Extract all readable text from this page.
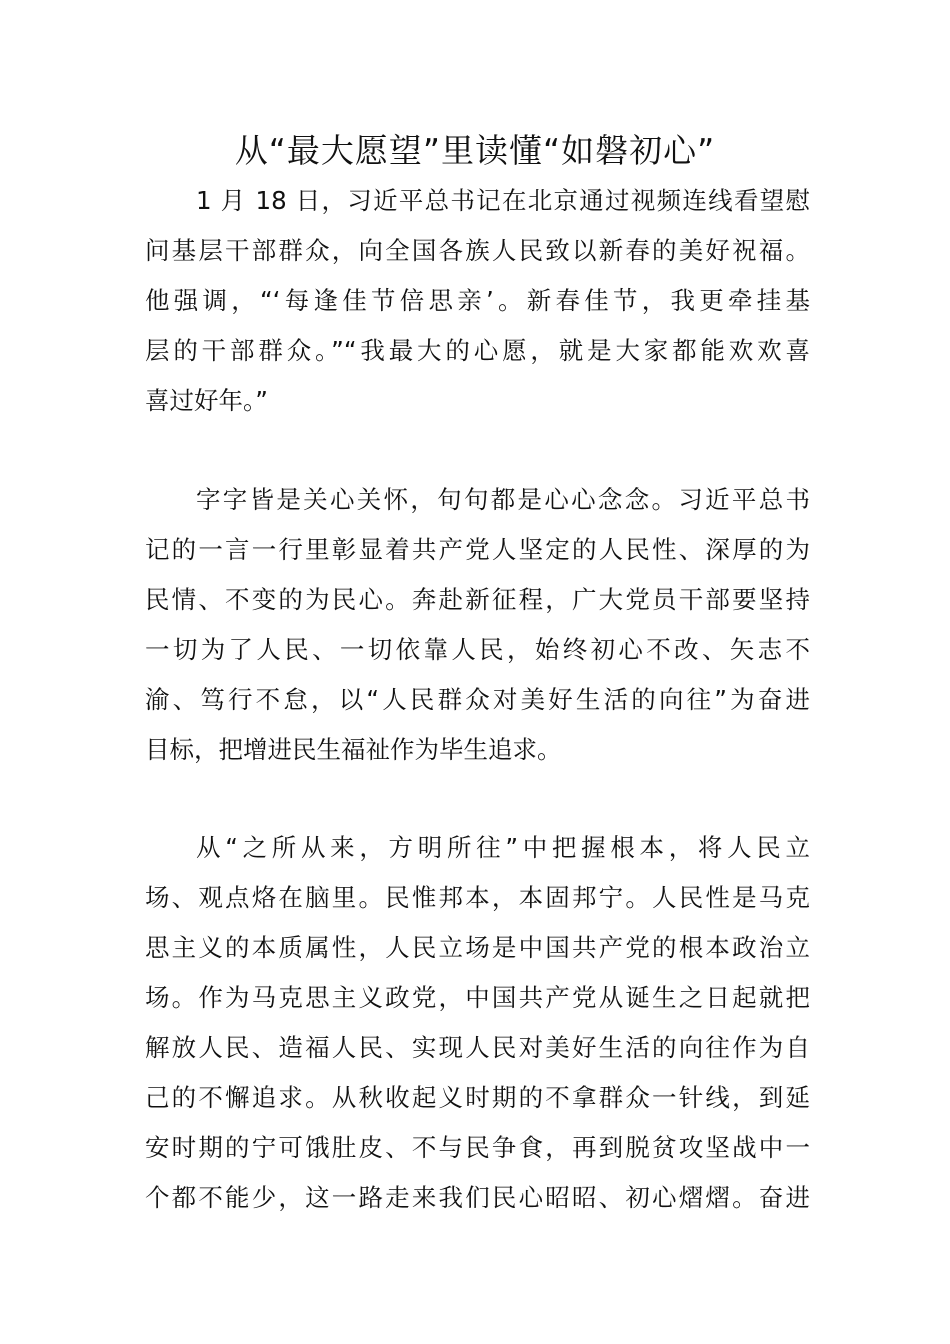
从“最大愿望”里读懂“如磐初心”
1 月 18 日，习近平总书记在北京通过视频连线看望慰
问基层干部群众，向全国各族人民致以新春的美好祝福。
他强调，“‘每逢佳节倍思亲’。新春佳节，我更牵挂基
层的干部群众。”“我最大的心愿，就是大家都能欢欢喜
喜过好年。”
字字皆是关心关怀，句句都是心心念念。习近平总书
记的一言一行里彰显着共产党人坚定的人民性、深厚的为
民情、不变的为民心。奔赴新征程，广大党员干部要坚持
一切为了人民、一切依靠人民，始终初心不改、矢志不
渝、笃行不怠，以“人民群众对美好生活的向往”为奋进
目标，把增进民生福祉作为毕生追求。
从“之所从来，方明所往”中把握根本，将人民立
场、观点烙在脑里。民惟邦本，本固邦宁。人民性是马克
思主义的本质属性，人民立场是中国共产党的根本政治立
场。作为马克思主义政党，中国共产党从诞生之日起就把
解放人民、造福人民、实现人民对美好生活的向往作为自
己的不懈追求。从秋收起义时期的不拿群众一针线，到延
安时期的宁可饿肚皮、不与民争食，再到脱贫攻坚战中一
个都不能少，这一路走来我们民心昭昭、初心熠熠。奋进
